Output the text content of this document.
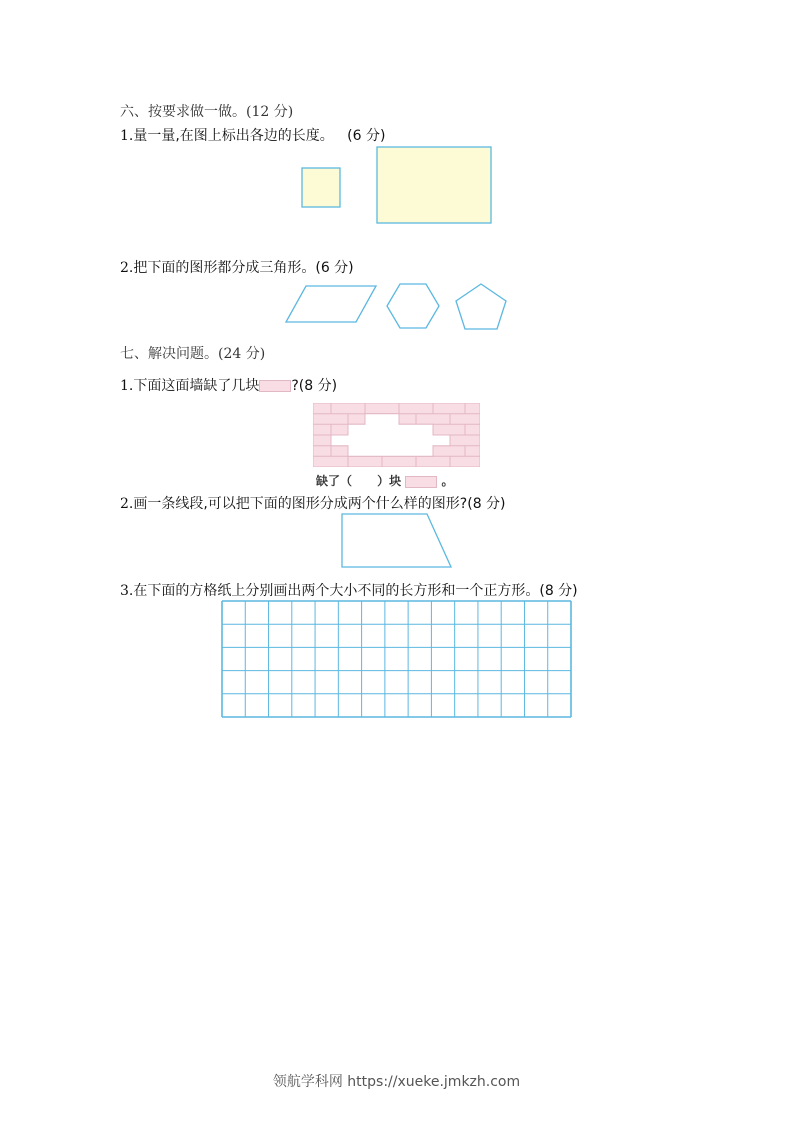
六、按要求做一做。(12 分)
1.量一量,在图上标出各边的长度。 (6 分)
2.把下面的图形都分成三角形。(6 分)
七、解决问题。(24 分)
1.下面这面墙缺了几块 ?(8 分)
缺了（ ）块	。
2.画一条线段,可以把下面的图形分成两个什么样的图形?(8 分)
3.在下面的方格纸上分别画出两个大小不同的长方形和一个正方形。(8 分)
领航学科网 https://xueke.jmkzh.com
